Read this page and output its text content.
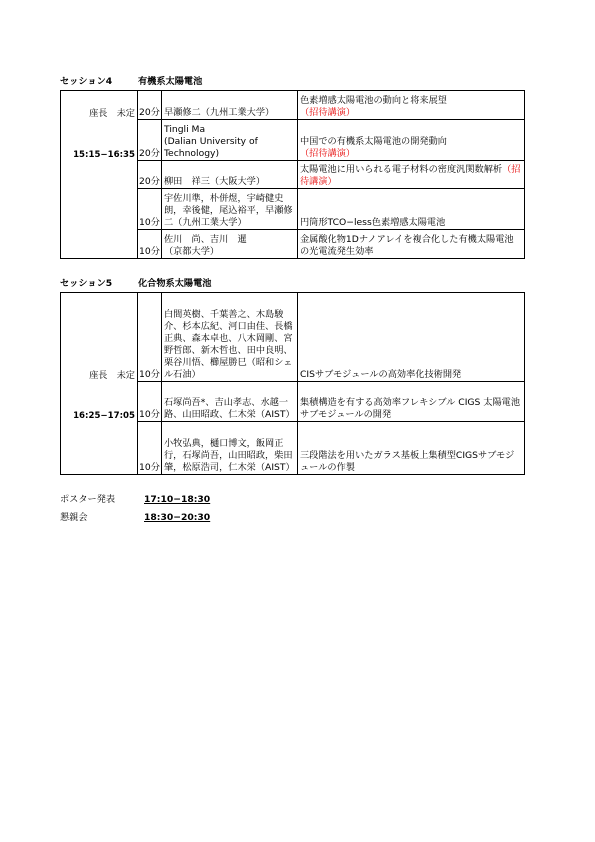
セッション4	有機系太陽電池
座長　未定	20分	早瀬修二（九州工業大学）	色素増感太陽電池の動向と将来展望
（招待講演）

15:15−16:35	20分	Tingli Ma
(Dalian University of Technology)	中国での有機系太陽電池の開発動向
（招待講演）
	20分	柳田　祥三（大阪大学）	太陽電池に用いられる電子材料の密度汎関数解析（招待講演）
	10分	宇佐川準，朴併煜，宇崎健史朗，幸後健，尾込裕平，早瀬修二（九州工業大学）	円筒形TCO−less色素増感太陽電池
	10分	佐川　尚、吉川　暹
（京都大学）	金属酸化物1Dナノアレイを複合化した有機太陽電池の光電流発生効率
セッション5	化合物系太陽電池
座長　未定	10分	白間英樹、千葉善之、木島駿介、杉本広紀、河口由佳、長橋正典、森本卓也、八木岡剛、宮野哲郎、新木哲也、田中良明、栗谷川悟、櫛屋勝巳（昭和シェル石油）	CISサブモジュールの高効率化技術開発

16:25−17:05	10分	石塚尚吾*、吉山孝志、水越一路、山田昭政、仁木栄（AIST）	集積構造を有する高効率フレキシブル CIGS 太陽電池サブモジュールの開発
	10分	小牧弘典，樋口博文，飯岡正行，石塚尚吾，山田昭政，柴田肇，松原浩司，仁木栄（AIST）	三段階法を用いたガラス基板上集積型CIGSサブモジュールの作製
ポスター発表	17:10−18:30
懇親会	18:30−20:30
